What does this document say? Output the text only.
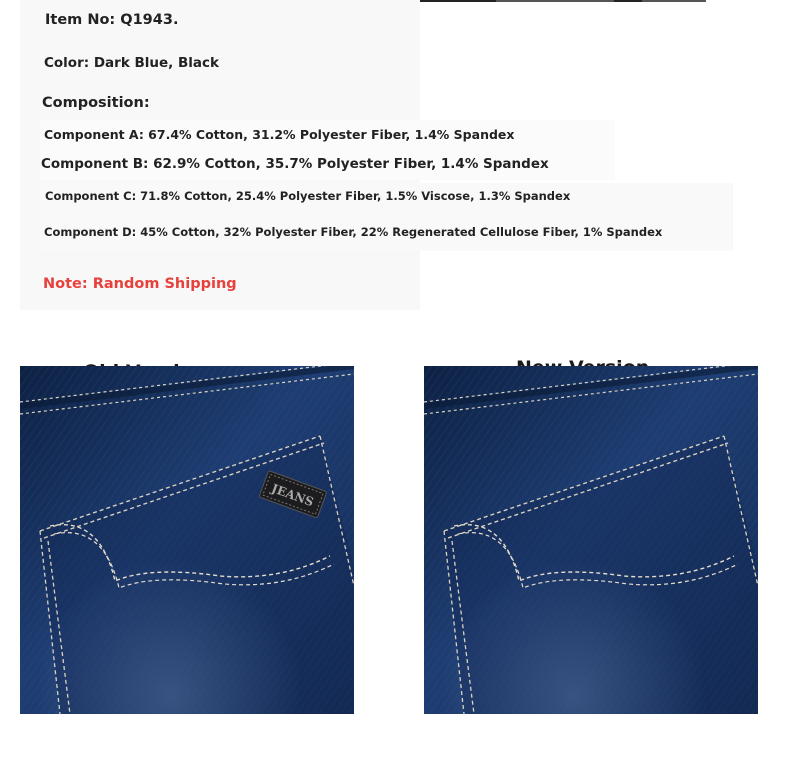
Item No: Q1943.
Color: Dark Blue, Black
Composition:
Component A: 67.4% Cotton, 31.2% Polyester Fiber, 1.4% Spandex
Component B: 62.9% Cotton, 35.7% Polyester Fiber, 1.4% Spandex
Component C: 71.8% Cotton, 25.4% Polyester Fiber, 1.5% Viscose, 1.3% Spandex
Component D: 45% Cotton, 32% Polyester Fiber, 22% Regenerated Cellulose Fiber, 1% Spandex
Note: Random Shipping

JEANS
